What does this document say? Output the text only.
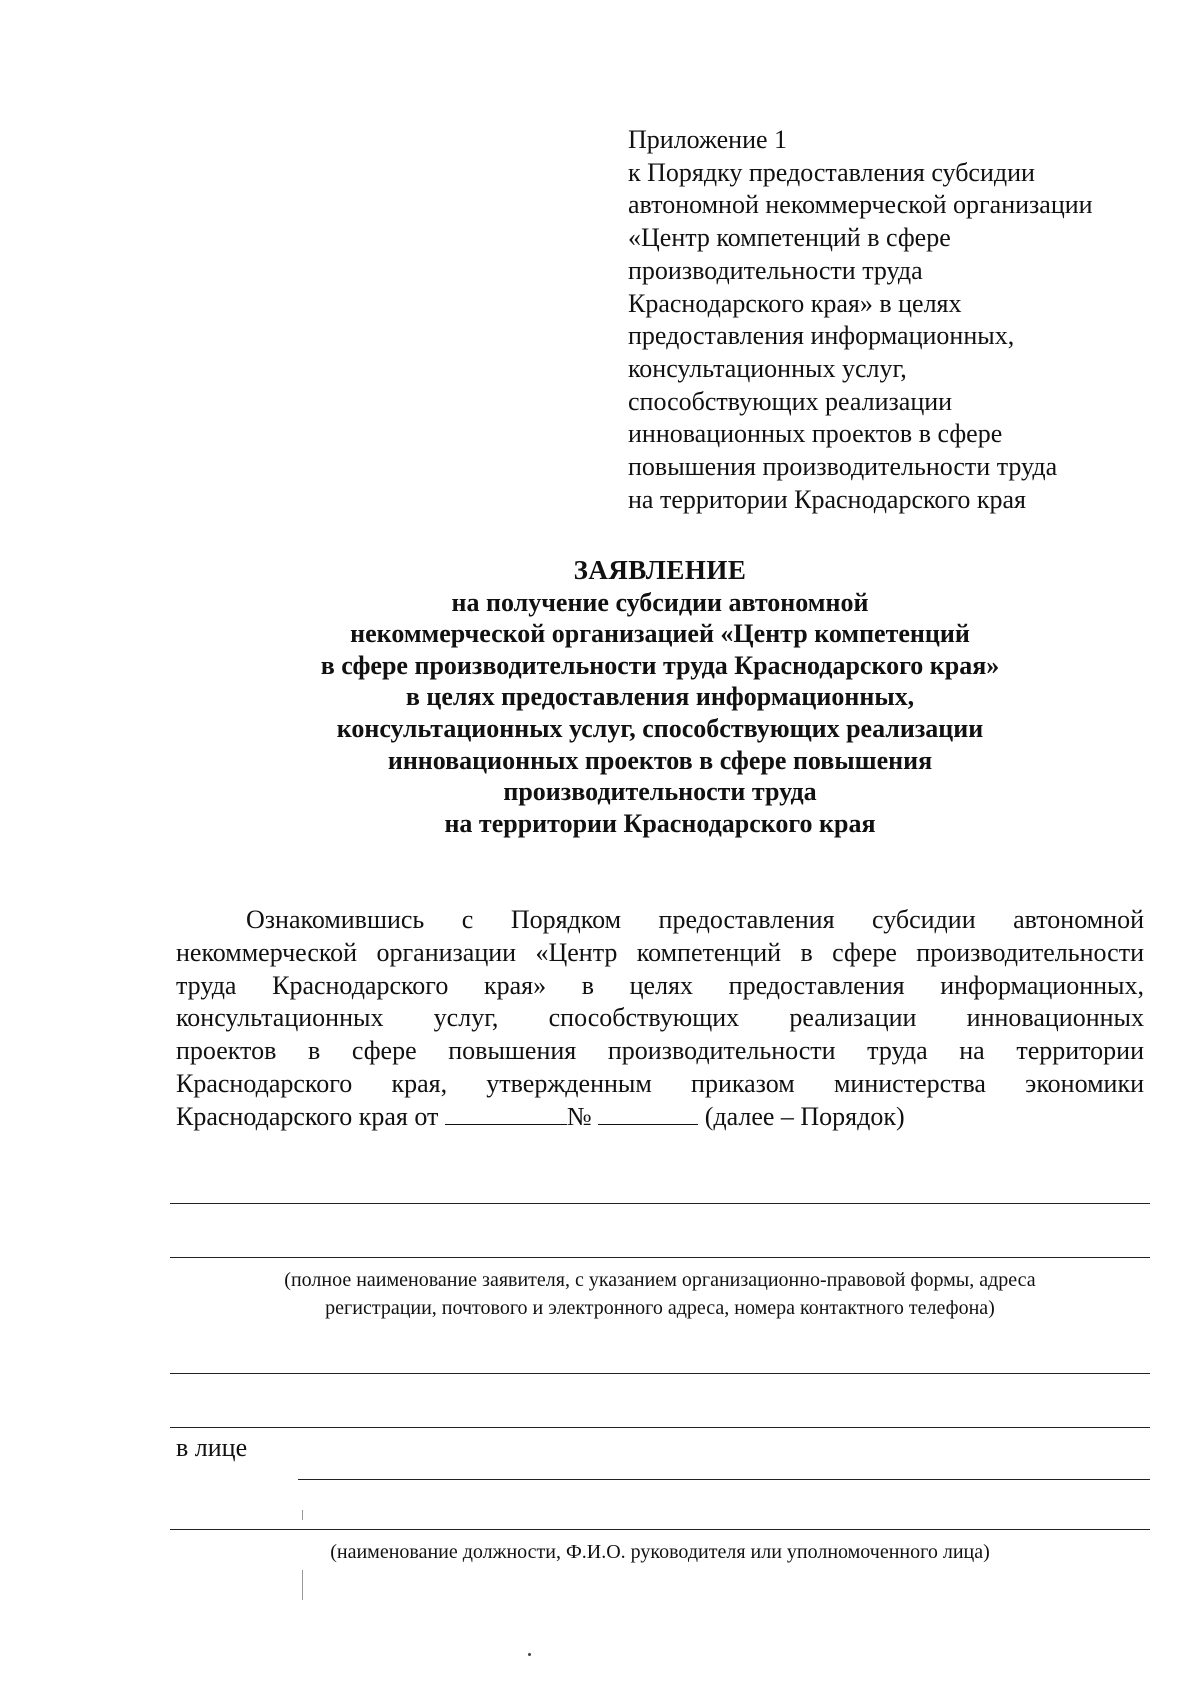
Приложение 1
к Порядку предоставления субсидии
автономной некоммерческой организации
«Центр компетенций в сфере
производительности труда
Краснодарского края» в целях
предоставления информационных,
консультационных услуг,
способствующих реализации
инновационных проектов в сфере
повышения производительности труда
на территории Краснодарского края
ЗАЯВЛЕНИЕ
на получение субсидии автономной
некоммерческой организацией «Центр компетенций
в сфере производительности труда Краснодарского края»
в целях предоставления информационных,
консультационных услуг, способствующих реализации
инновационных проектов в сфере повышения
производительности труда
на территории Краснодарского края
Ознакомившись с Порядком предоставления субсидии автономной
некоммерческой организации «Центр компетенций в сфере производительности
труда Краснодарского края» в целях предоставления информационных,
консультационных услуг, способствующих реализации инновационных
проектов в сфере повышения производительности труда на территории
Краснодарского края, утвержденным приказом министерства экономики
Краснодарского края от	№	(далее – Порядок)
(полное наименование заявителя, с указанием организационно-правовой формы, адреса
регистрации, почтового и электронного адреса, номера контактного телефона)
в лице
(наименование должности, Ф.И.О. руководителя или уполномоченного лица)
